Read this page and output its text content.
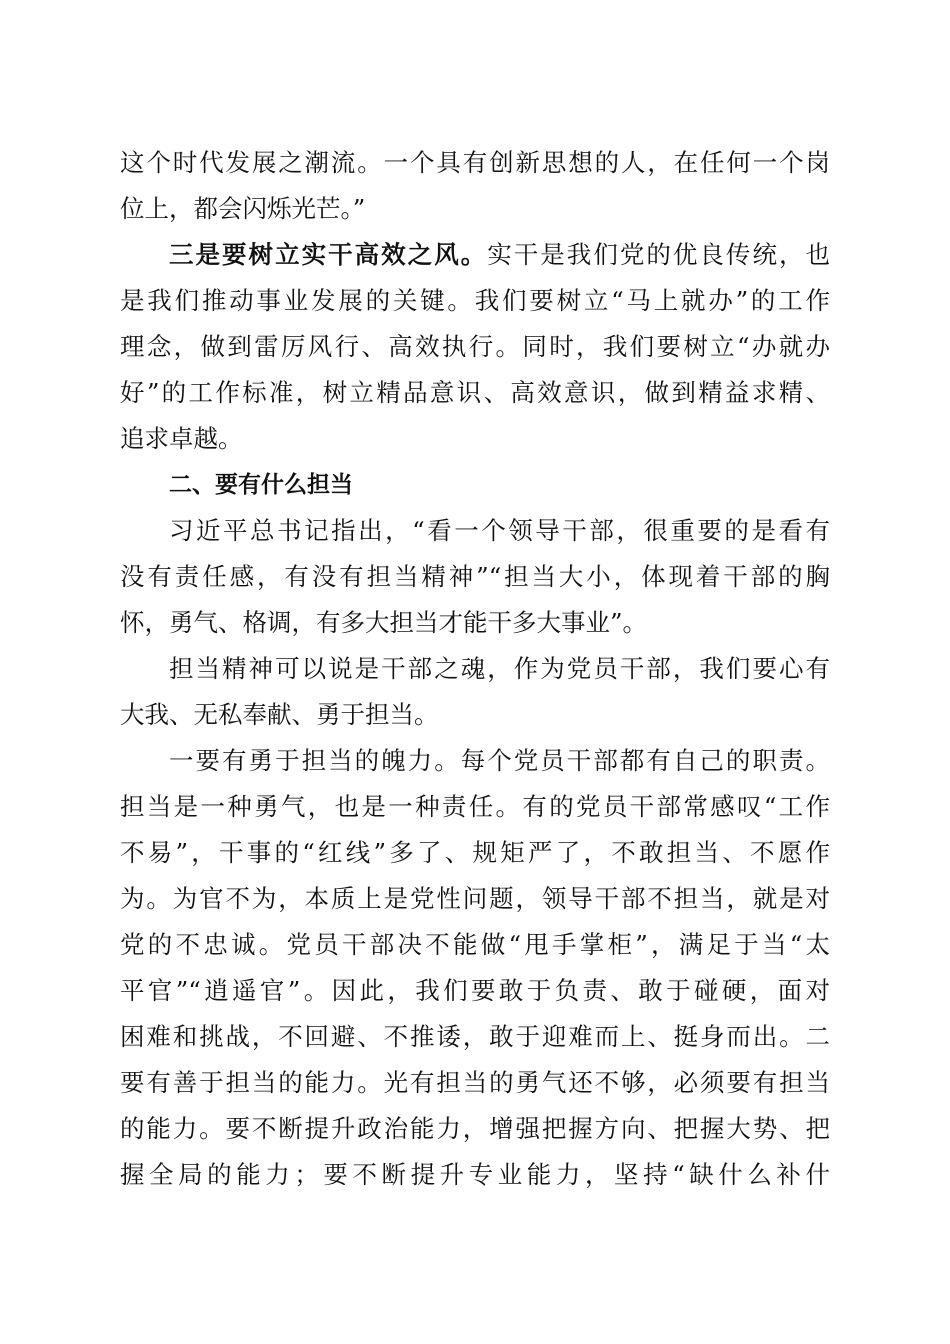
这个时代发展之潮流。一个具有创新思想的人，在任何一个岗
位上，都会闪烁光芒。”
三是要树立实干高效之风。实干是我们党的优良传统，也
是我们推动事业发展的关键。我们要树立“马上就办”的工作
理念，做到雷厉风行、高效执行。同时，我们要树立“办就办
好”的工作标准，树立精品意识、高效意识，做到精益求精、
追求卓越。
二、要有什么担当
习近平总书记指出，“看一个领导干部，很重要的是看有
没有责任感，有没有担当精神”“担当大小，体现着干部的胸
怀，勇气、格调，有多大担当才能干多大事业”。
担当精神可以说是干部之魂，作为党员干部，我们要心有
大我、无私奉献、勇于担当。
一要有勇于担当的魄力。每个党员干部都有自己的职责。
担当是一种勇气，也是一种责任。有的党员干部常感叹“工作
不易”，干事的“红线”多了、规矩严了，不敢担当、不愿作
为。为官不为，本质上是党性问题，领导干部不担当，就是对
党的不忠诚。党员干部决不能做“甩手掌柜”，满足于当“太
平官”“逍遥官”。因此，我们要敢于负责、敢于碰硬，面对
困难和挑战，不回避、不推诿，敢于迎难而上、挺身而出。二
要有善于担当的能力。光有担当的勇气还不够，必须要有担当
的能力。要不断提升政治能力，增强把握方向、把握大势、把
握全局的能力；要不断提升专业能力，坚持“缺什么补什
